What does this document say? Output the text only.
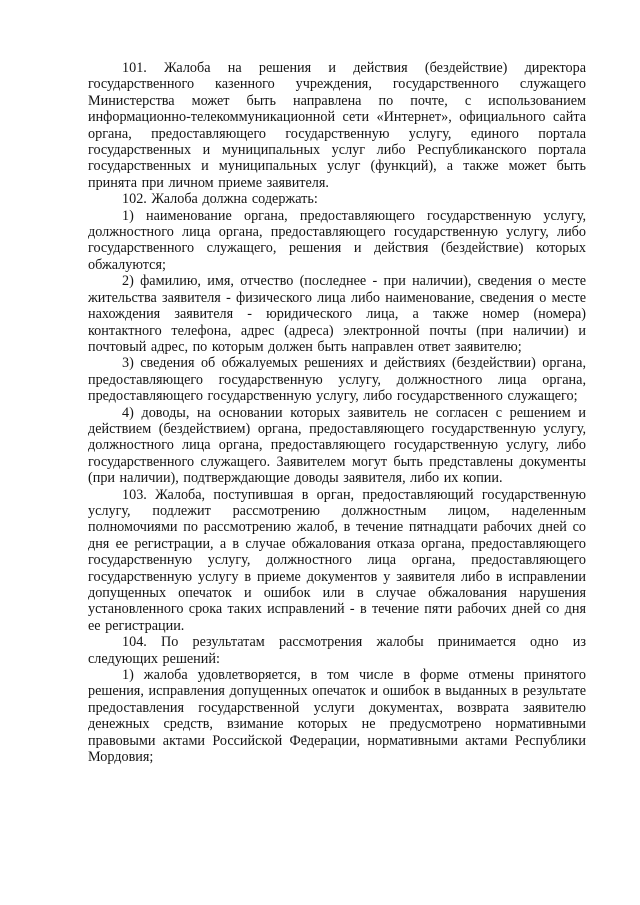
101. Жалоба на решения и действия (бездействие) директора государственного казенного учреждения, государственного служащего Министерства может быть направлена по почте, с использованием информационно-телекоммуникационной сети «Интернет», официального сайта органа, предоставляющего государственную услугу, единого портала государственных и муниципальных услуг либо Республиканского портала государственных и муниципальных услуг (функций), а также может быть принята при личном приеме заявителя.

102. Жалоба должна содержать:

1) наименование органа, предоставляющего государственную услугу, должностного лица органа, предоставляющего государственную услугу, либо государственного служащего, решения и действия (бездействие) которых обжалуются;

2) фамилию, имя, отчество (последнее - при наличии), сведения о месте жительства заявителя - физического лица либо наименование, сведения о месте нахождения заявителя - юридического лица, а также номер (номера) контактного телефона, адрес (адреса) электронной почты (при наличии) и почтовый адрес, по которым должен быть направлен ответ заявителю;

3) сведения об обжалуемых решениях и действиях (бездействии) органа, предоставляющего государственную услугу, должностного лица органа, предоставляющего государственную услугу, либо государственного служащего;

4) доводы, на основании которых заявитель не согласен с решением и действием (бездействием) органа, предоставляющего государственную услугу, должностного лица органа, предоставляющего государственную услугу, либо государственного служащего. Заявителем могут быть представлены документы (при наличии), подтверждающие доводы заявителя, либо их копии.

103. Жалоба, поступившая в орган, предоставляющий государственную услугу, подлежит рассмотрению должностным лицом, наделенным полномочиями по рассмотрению жалоб, в течение пятнадцати рабочих дней со дня ее регистрации, а в случае обжалования отказа органа, предоставляющего государственную услугу, должностного лица органа, предоставляющего государственную услугу в приеме документов у заявителя либо в исправлении допущенных опечаток и ошибок или в случае обжалования нарушения установленного срока таких исправлений - в течение пяти рабочих дней со дня ее регистрации.

104. По результатам рассмотрения жалобы принимается одно из следующих решений:

1) жалоба удовлетворяется, в том числе в форме отмены принятого решения, исправления допущенных опечаток и ошибок в выданных в результате предоставления государственной услуги документах, возврата заявителю денежных средств, взимание которых не предусмотрено нормативными правовыми актами Российской Федерации, нормативными актами Республики Мордовия;
